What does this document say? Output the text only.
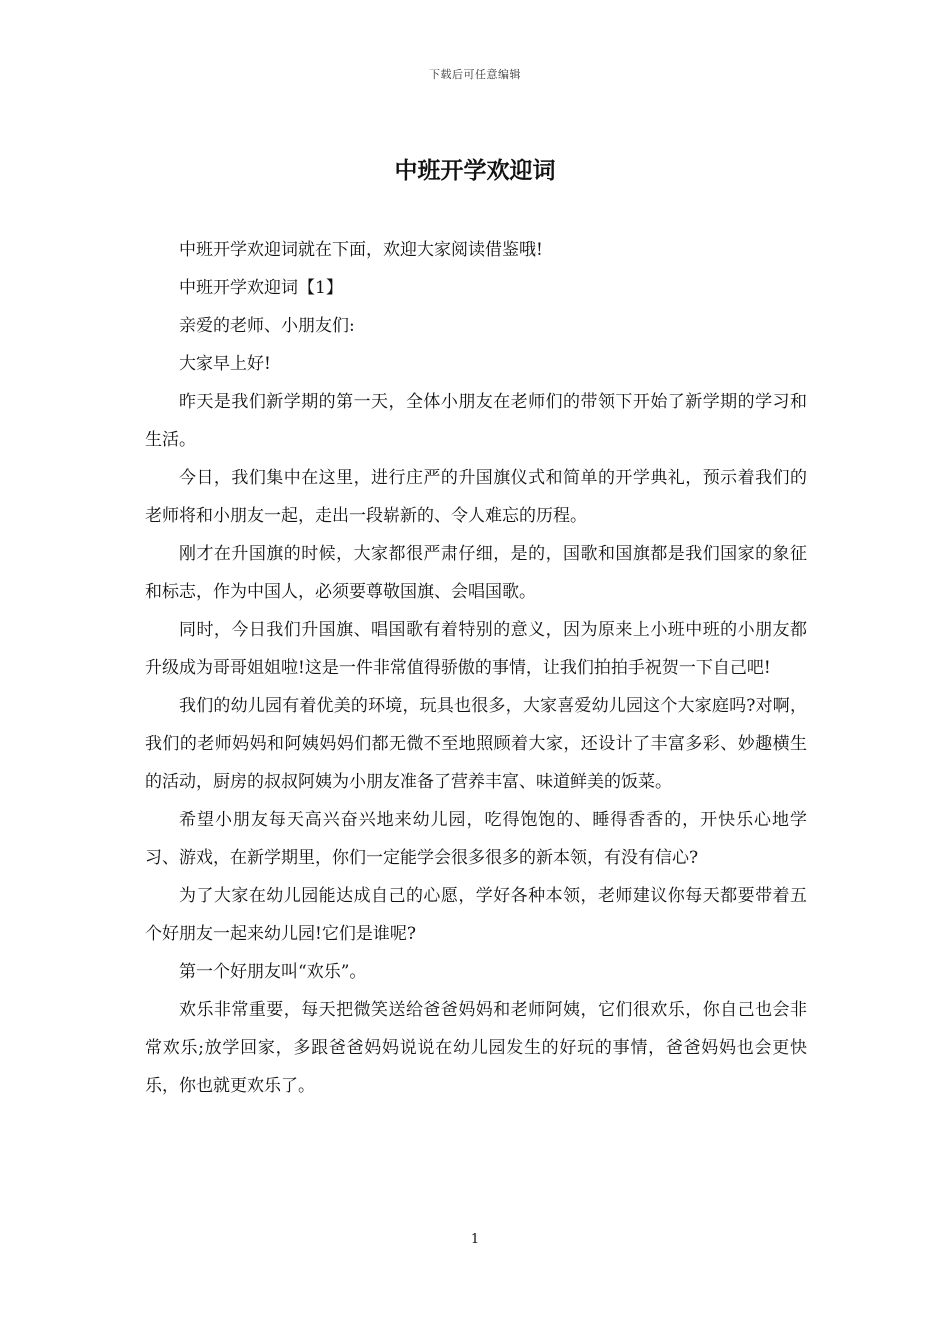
下载后可任意编辑
中班开学欢迎词

中班开学欢迎词就在下面，欢迎大家阅读借鉴哦!

中班开学欢迎词【1】

亲爱的老师、小朋友们:

大家早上好!

昨天是我们新学期的第一天，全体小朋友在老师们的带领下开始了新学期的学习和生活。

今日，我们集中在这里，进行庄严的升国旗仪式和简单的开学典礼，预示着我们的老师将和小朋友一起，走出一段崭新的、令人难忘的历程。

刚才在升国旗的时候，大家都很严肃仔细，是的，国歌和国旗都是我们国家的象征和标志，作为中国人，必须要尊敬国旗、会唱国歌。

同时，今日我们升国旗、唱国歌有着特别的意义，因为原来上小班中班的小朋友都升级成为哥哥姐姐啦!这是一件非常值得骄傲的事情，让我们拍拍手祝贺一下自己吧!

我们的幼儿园有着优美的环境，玩具也很多，大家喜爱幼儿园这个大家庭吗?对啊，我们的老师妈妈和阿姨妈妈们都无微不至地照顾着大家，还设计了丰富多彩、妙趣横生的活动，厨房的叔叔阿姨为小朋友准备了营养丰富、味道鲜美的饭菜。

希望小朋友每天高兴奋兴地来幼儿园，吃得饱饱的、睡得香香的，开快乐心地学习、游戏，在新学期里，你们一定能学会很多很多的新本领，有没有信心?

为了大家在幼儿园能达成自己的心愿，学好各种本领，老师建议你每天都要带着五个好朋友一起来幼儿园!它们是谁呢?

第一个好朋友叫“欢乐”。

欢乐非常重要，每天把微笑送给爸爸妈妈和老师阿姨，它们很欢乐，你自己也会非常欢乐;放学回家，多跟爸爸妈妈说说在幼儿园发生的好玩的事情，爸爸妈妈也会更快乐，你也就更欢乐了。

1
